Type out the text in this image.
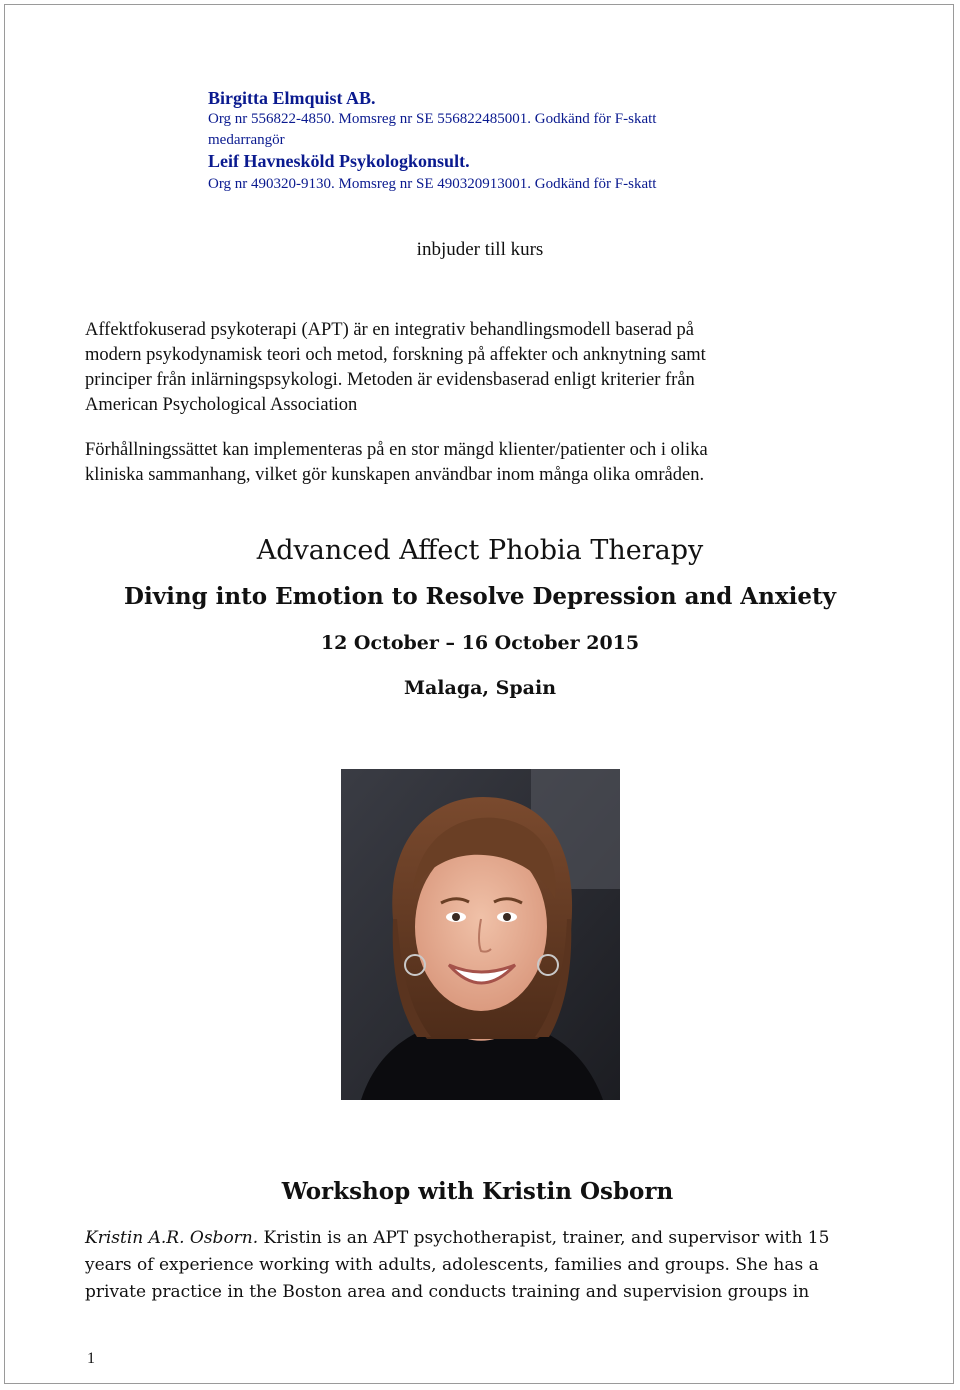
Birgitta Elmquist AB.
Org nr 556822-4850. Momsreg nr SE 556822485001. Godkänd för F-skatt
medarrangör
Leif Havnesköld Psykologkonsult.
Org nr 490320-9130. Momsreg nr SE 490320913001. Godkänd för F-skatt
inbjuder till kurs
Affektfokuserad psykoterapi (APT) är en integrativ behandlingsmodell baserad på
modern psykodynamisk teori och metod, forskning på affekter och anknytning samt
principer från inlärningspsykologi. Metoden är evidensbaserad enligt kriterier från
American Psychological Association
Förhållningssättet kan implementeras på en stor mängd klienter/patienter och i olika
kliniska sammanhang, vilket gör kunskapen användbar inom många olika områden.
Advanced Affect Phobia Therapy
Diving into Emotion to Resolve Depression and Anxiety
12 October – 16 October 2015
Malaga, Spain
Workshop with Kristin Osborn
Kristin A.R. Osborn. Kristin is an APT psychotherapist, trainer, and supervisor with 15
years of experience working with adults, adolescents, families and groups. She has a
private practice in the Boston area and conducts training and supervision groups in
1
